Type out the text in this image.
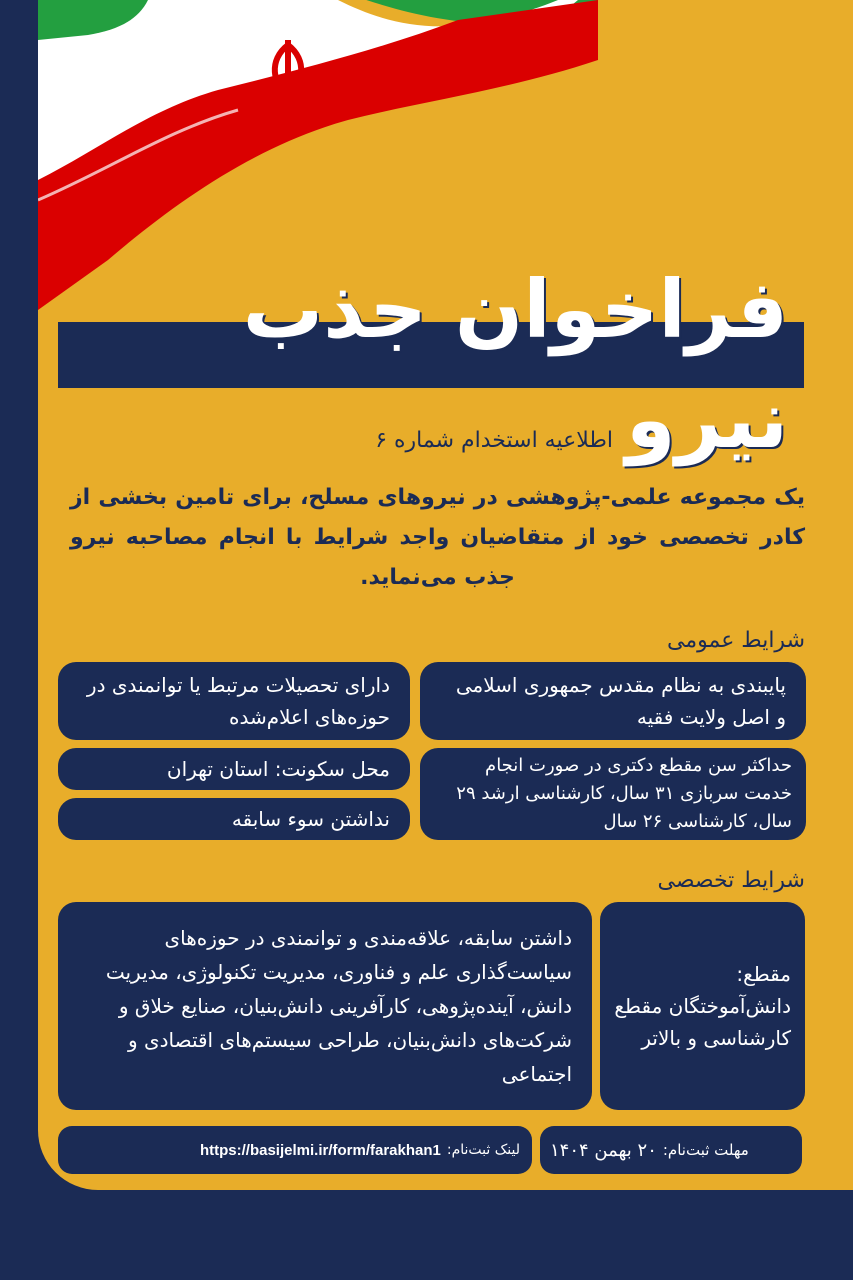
فراخوان جذب نیرو
اطلاعیه استخدام شماره ۶
یک مجموعه علمی-پژوهشی در نیروهای مسلح، برای تامین بخشی از کادر تخصصی خود از متقاضیان واجد شرایط با انجام مصاحبه نیرو جذب می‌نماید.
شرایط عمومی
پایبندی به نظام مقدس جمهوری اسلامی و اصل ولایت فقیه
دارای تحصیلات مرتبط یا توانمندی در حوزه‌های اعلام‌شده
حداکثر سن مقطع دکتری در صورت انجام خدمت سربازی ۳۱ سال، کارشناسی ارشد ۲۹ سال، کارشناسی ۲۶ سال
محل سکونت: استان تهران
نداشتن سوء سابقه
شرایط تخصصی
مقطع:
دانش‌آموختگان مقطع کارشناسی و بالاتر
داشتن سابقه، علاقه‌مندی و توانمندی در حوزه‌های سیاست‌گذاری علم و فناوری، مدیریت تکنولوژی، مدیریت دانش، آینده‌پژوهی، کارآفرینی دانش‌بنیان، صنایع خلاق و شرکت‌های دانش‌بنیان، طراحی سیستم‌های اقتصادی و اجتماعی
مهلت ثبت‌نام:
۲۰ بهمن ۱۴۰۴
لینک ثبت‌نام:
https://basijelmi.ir/form/farakhan1
